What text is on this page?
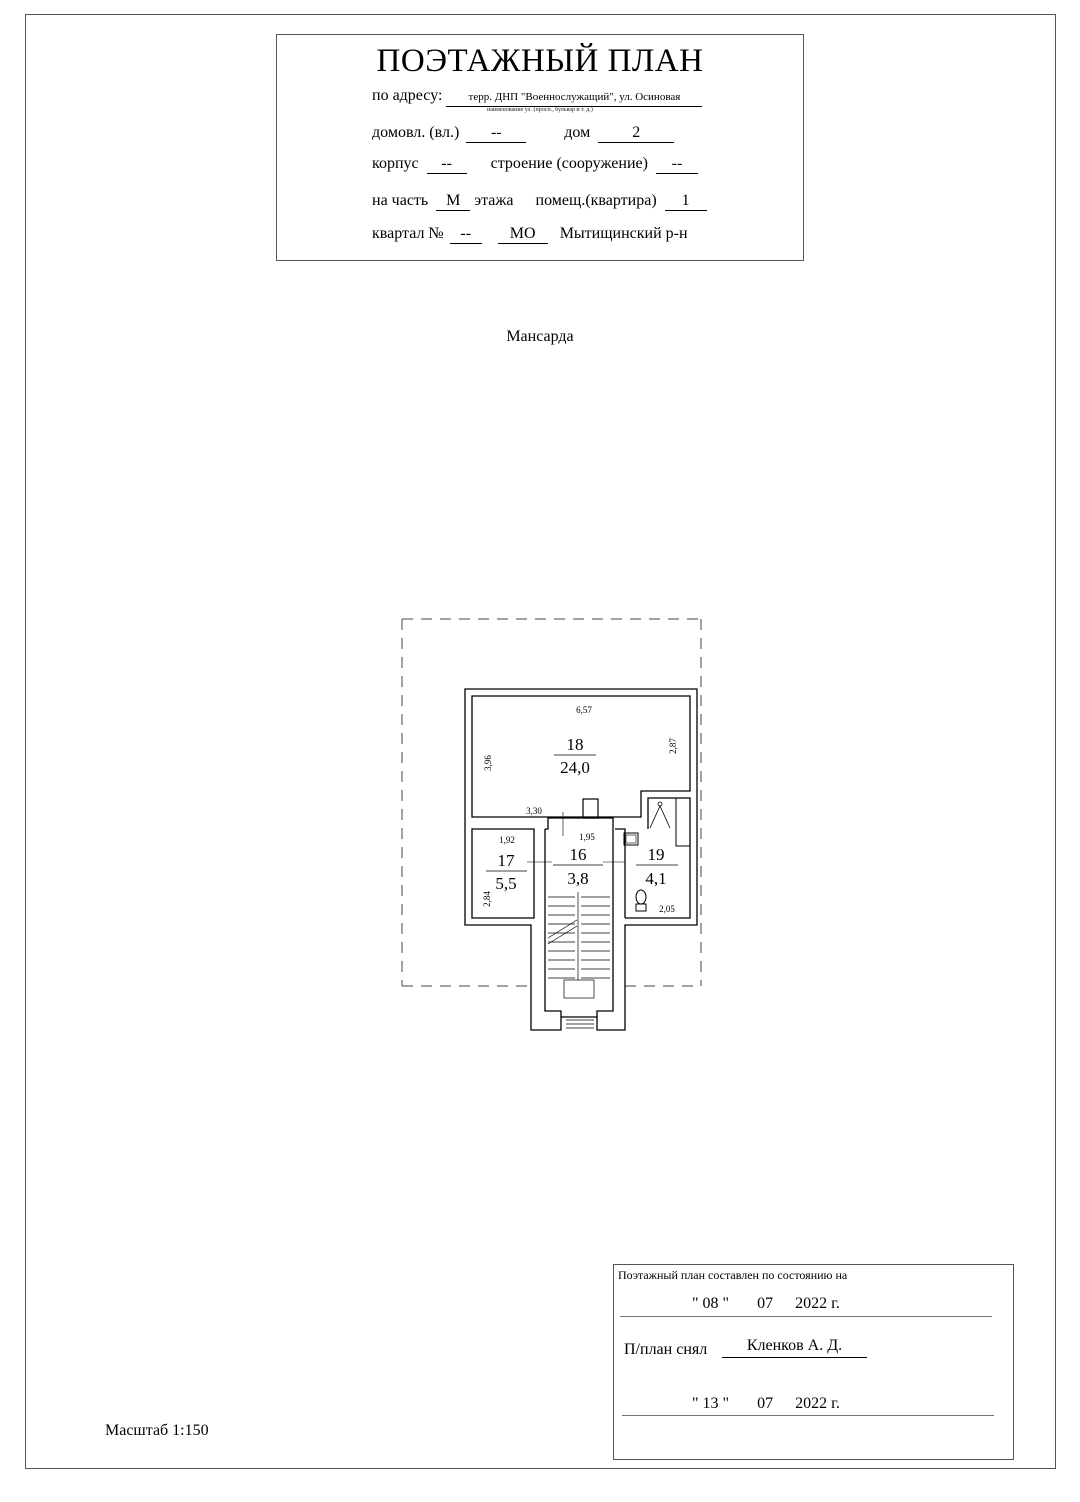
ПОЭТАЖНЫЙ ПЛАН
по адресу: терр. ДНП "Военнослужащий", ул. Осиновая
наименование ул. (просп., бульвар и т. д.)
домовл. (вл.) --	дом	2
корпус -- строение (сооружение) --
на часть М этажа помещ.(квартира) 1
квартал № -- МО Мытищинский р-н
Мансарда
18
24,0
17
5,5
16
3,8
19
4,1
6,57
3,96
2,87
3,30
1,92
2,84
1,95
2,05
Поэтажный план составлен по состоянию на
" 08 " 07 2022 г.
П/план снял	Кленков А. Д.
" 13 " 07 2022 г.
Масштаб 1:150
